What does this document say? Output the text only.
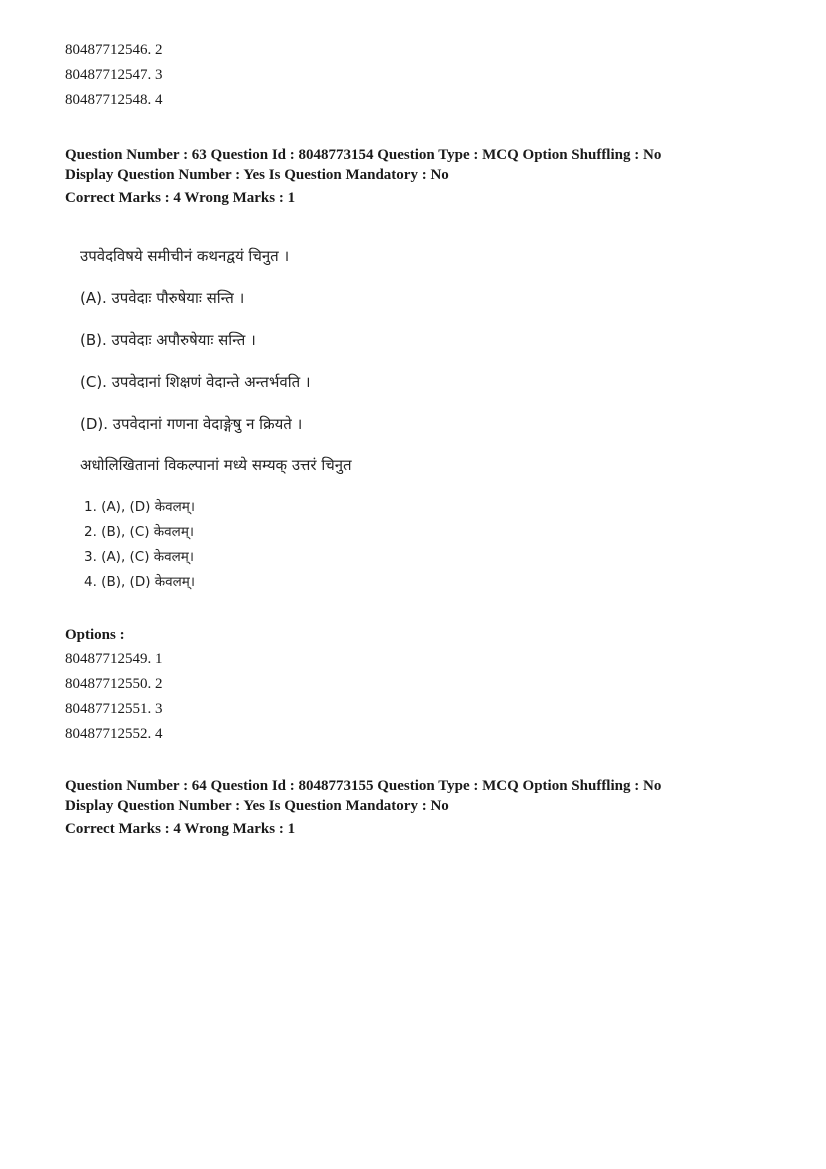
80487712546. 2
80487712547. 3
80487712548. 4
Question Number : 63 Question Id : 8048773154 Question Type : MCQ Option Shuffling : No
Display Question Number : Yes Is Question Mandatory : No
Correct Marks : 4 Wrong Marks : 1
उपवेदविषये समीचीनं कथनद्वयं चिनुत ।
(A). उपवेदाः पौरुषेयाः सन्ति ।
(B). उपवेदाः अपौरुषेयाः सन्ति ।
(C). उपवेदानां शिक्षणं वेदान्ते अन्तर्भवति ।
(D). उपवेदानां गणना वेदाङ्गेषु न क्रियते ।
अधोलिखितानां विकल्पानां मध्ये सम्यक् उत्तरं चिनुत
1. (A), (D) केवलम्।
2. (B), (C) केवलम्।
3. (A), (C) केवलम्।
4. (B), (D) केवलम्।
Options :
80487712549. 1
80487712550. 2
80487712551. 3
80487712552. 4
Question Number : 64 Question Id : 8048773155 Question Type : MCQ Option Shuffling : No
Display Question Number : Yes Is Question Mandatory : No
Correct Marks : 4 Wrong Marks : 1
